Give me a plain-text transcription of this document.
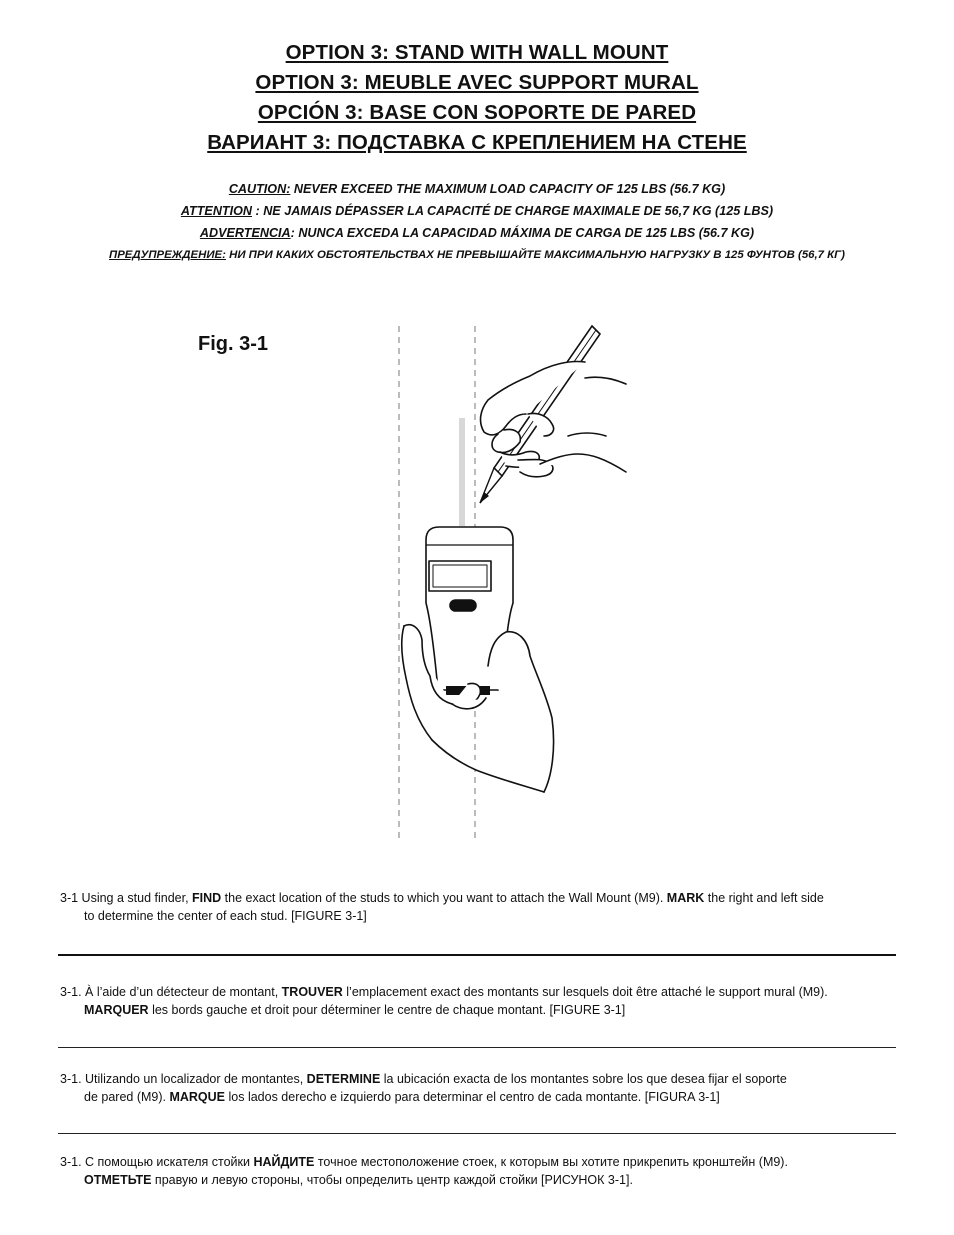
OPTION 3: STAND WITH WALL MOUNT
OPTION 3: MEUBLE AVEC SUPPORT MURAL
OPCIÓN 3: BASE CON SOPORTE DE PARED
ВАРИАНТ 3: ПОДСТАВКА С КРЕПЛЕНИЕМ НА СТЕНЕ
CAUTION: NEVER EXCEED THE MAXIMUM LOAD CAPACITY OF 125 LBS (56.7 KG)
ATTENTION : NE JAMAIS DÉPASSER LA CAPACITÉ DE CHARGE MAXIMALE DE 56,7 KG (125 LBS)
ADVERTENCIA: NUNCA EXCEDA LA CAPACIDAD MÁXIMA DE CARGA DE 125 LBS (56.7 KG)
ПРЕДУПРЕЖДЕНИЕ: НИ ПРИ КАКИХ ОБСТОЯТЕЛЬСТВАХ НЕ ПРЕВЫШАЙТЕ МАКСИМАЛЬНУЮ НАГРУЗКУ В 125 ФУНТОВ (56,7 КГ)
Fig. 3-1
3-1 Using a stud finder, FIND the exact location of the studs to which you want to attach the Wall Mount (M9). MARK the right and left side
to determine the center of each stud. [FIGURE 3-1]
3-1. À l’aide d’un détecteur de montant, TROUVER l’emplacement exact des montants sur lesquels doit être attaché le support mural (M9).
MARQUER les bords gauche et droit pour déterminer le centre de chaque montant. [FIGURE 3-1]
3-1. Utilizando un localizador de montantes, DETERMINE la ubicación exacta de los montantes sobre los que desea fijar el soporte
de pared (M9). MARQUE los lados derecho e izquierdo para determinar el centro de cada montante. [FIGURA 3-1]
3-1. С помощью искателя стойки НАЙДИТЕ точное местоположение стоек, к которым вы хотите прикрепить кронштейн (M9).
ОТМЕТЬТЕ правую и левую стороны, чтобы определить центр каждой стойки [РИСУНОК 3-1].
